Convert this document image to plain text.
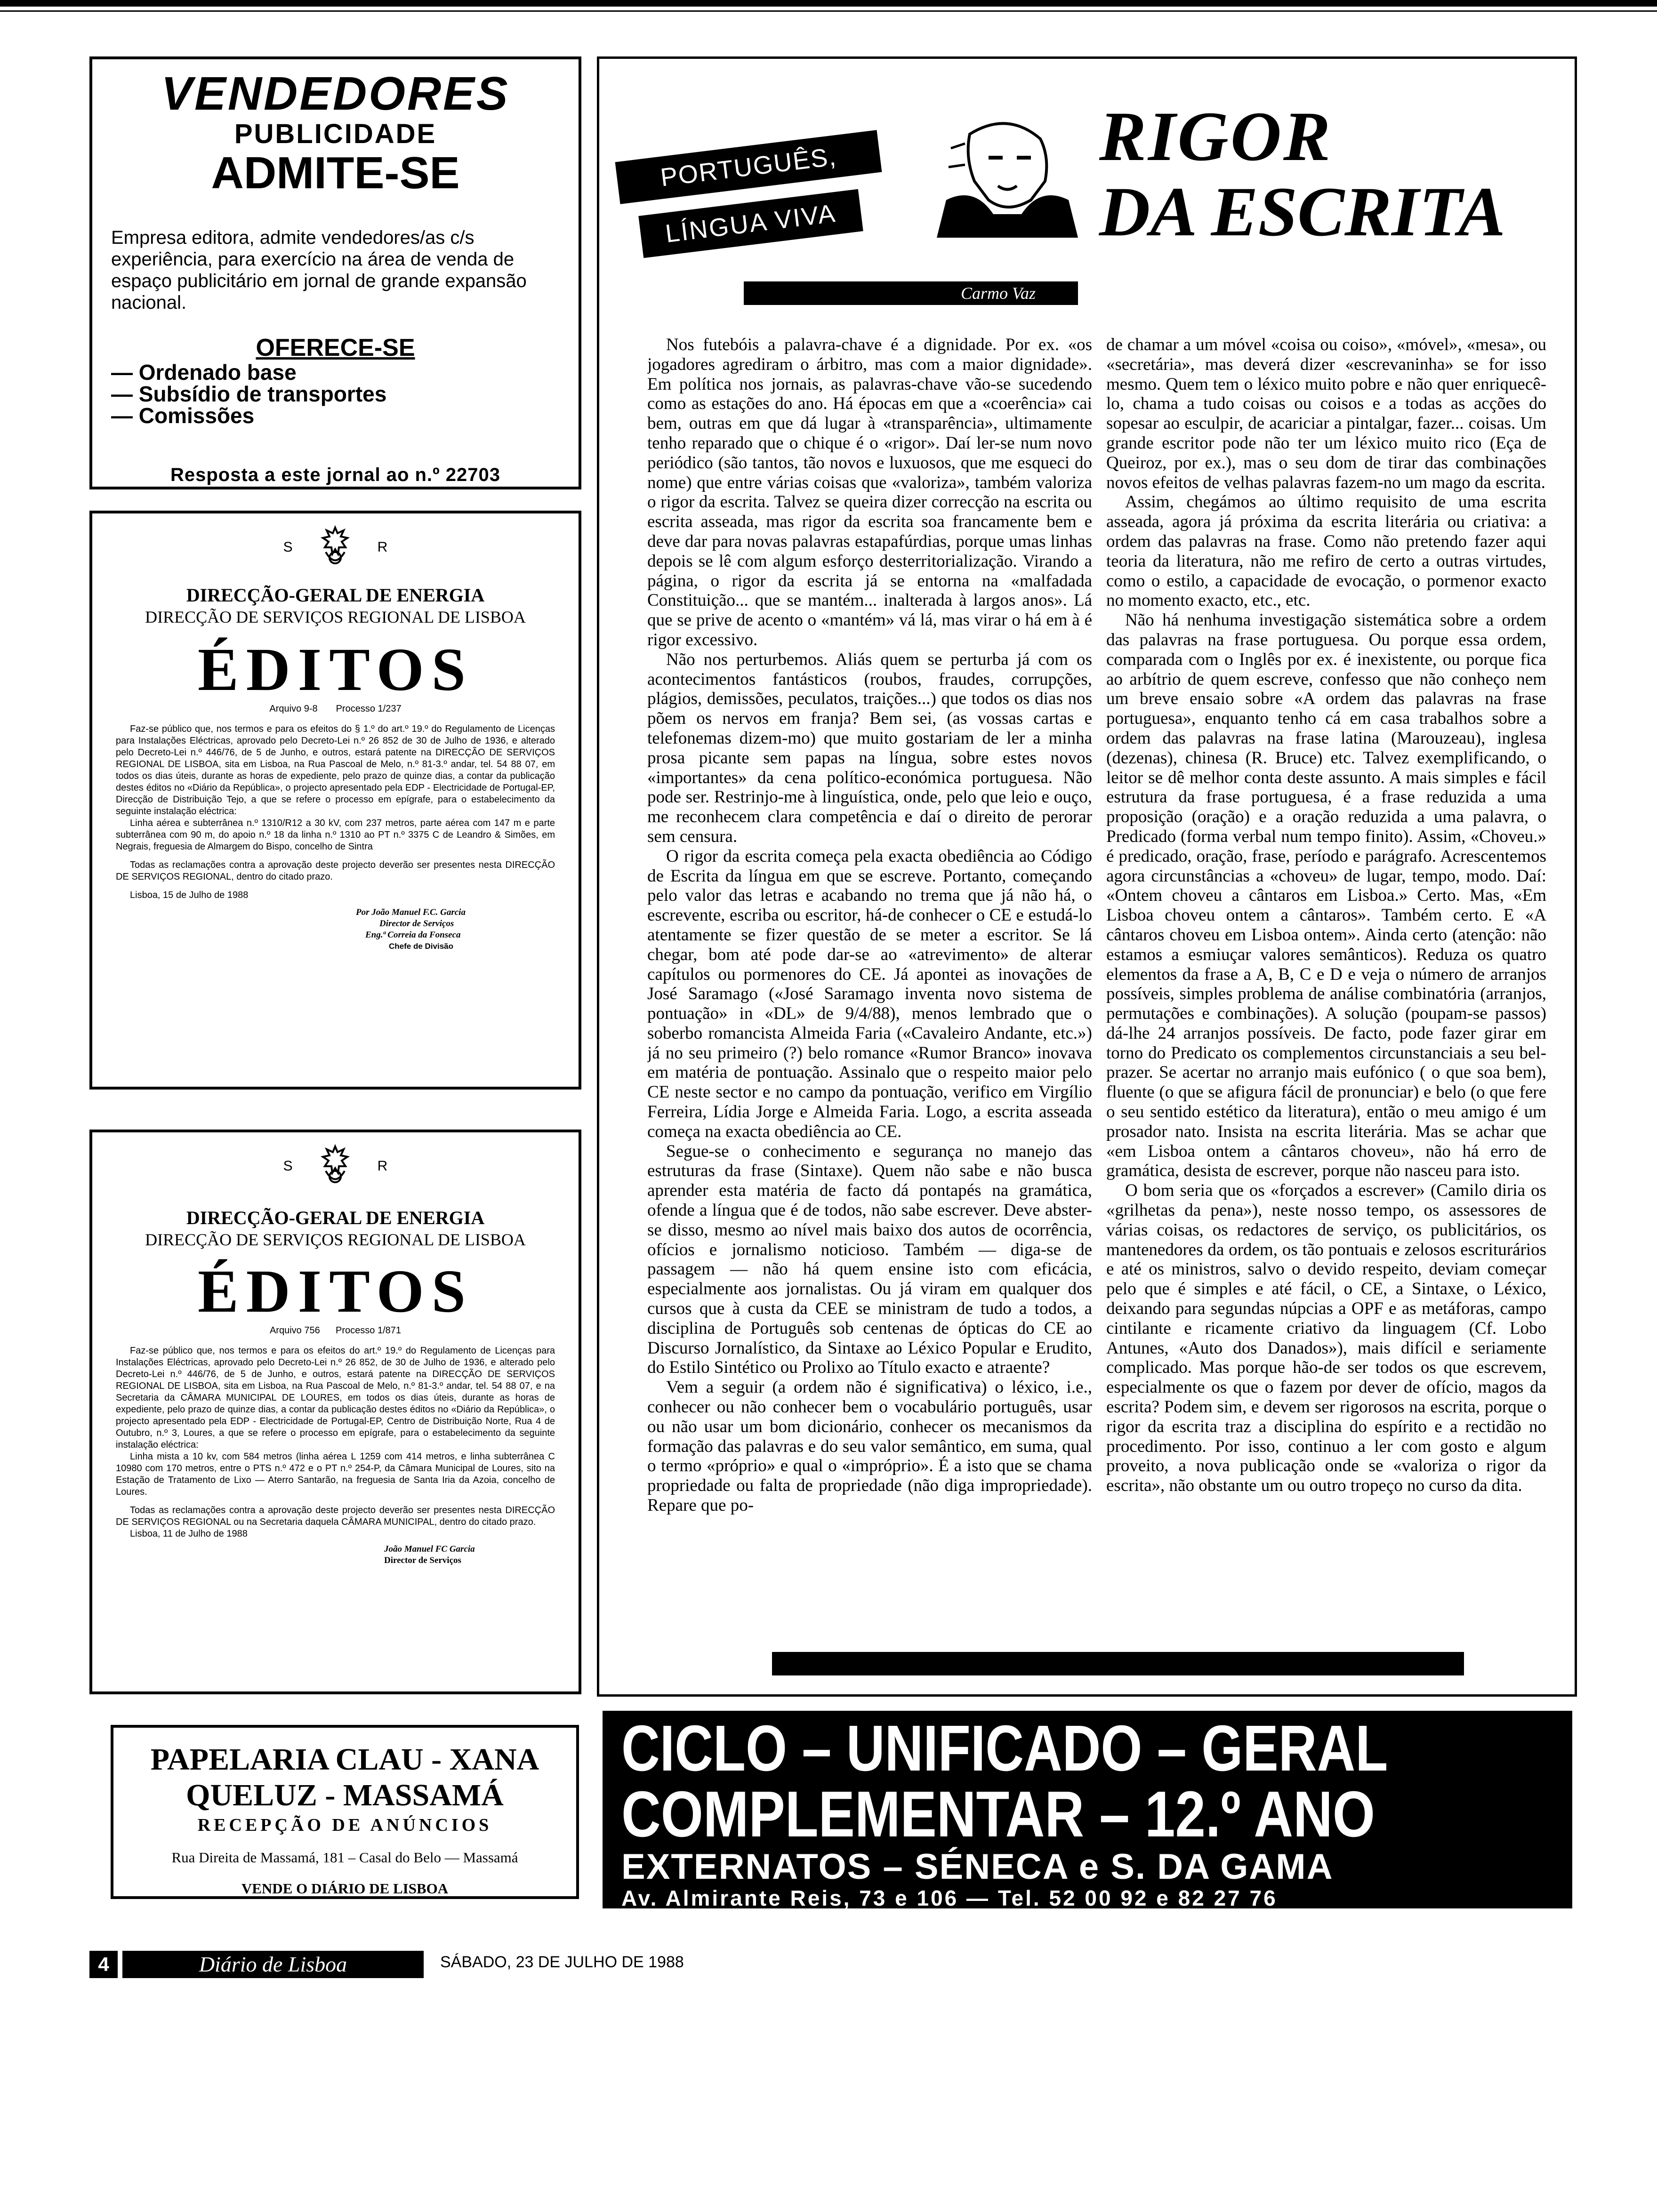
VENDEDORES
PUBLICIDADE
ADMITE-SE
Empresa editora, admite vendedores/as c/s experiência, para exercício na área de venda de espaço publicitário em jornal de grande expansão nacional.
OFERECE-SE
— Ordenado base
— Subsídio de transportes
— Comissões
Resposta a este jornal ao n.º 22703
S	R
DIRECÇÃO-GERAL DE ENERGIA
DIRECÇÃO DE SERVIÇOS REGIONAL DE LISBOA
ÉDITOS
Arquivo 9-8 Processo 1/237

Faz-se público que, nos termos e para os efeitos do § 1.º do art.º 19.º do Regulamento de Licenças para Instalações Eléctricas, aprovado pelo Decreto-Lei n.º 26 852 de 30 de Julho de 1936, e alterado pelo Decreto-Lei n.º 446/76, de 5 de Junho, e outros, estará patente na DIRECÇÃO DE SERVIÇOS REGIONAL DE LISBOA, sita em Lisboa, na Rua Pascoal de Melo, n.º 81-3.º andar, tel. 54 88 07, em todos os dias úteis, durante as horas de expediente, pelo prazo de quinze dias, a contar da publicação destes éditos no «Diário da República», o projecto apresentado pela EDP - Electricidade de Portugal-EP, Direcção de Distribuição Tejo, a que se refere o processo em epígrafe, para o estabelecimento da seguinte instalação eléctrica:

Linha aérea e subterrânea n.º 1310/R12 a 30 kV, com 237 metros, parte aérea com 147 m e parte subterrânea com 90 m, do apoio n.º 18 da linha n.º 1310 ao PT n.º 3375 C de Leandro & Simões, em Negrais, freguesia de Almargem do Bispo, concelho de Sintra

Todas as reclamações contra a aprovação deste projecto deverão ser presentes nesta DIRECÇÃO DE SERVIÇOS REGIONAL, dentro do citado prazo.

Lisboa, 15 de Julho de 1988

Por João Manuel F.C. Garcia
Director de Serviços
Eng.ª Correia da Fonseca
Chefe de Divisão
S	R
DIRECÇÃO-GERAL DE ENERGIA
DIRECÇÃO DE SERVIÇOS REGIONAL DE LISBOA
ÉDITOS
Arquivo 756 Processo 1/871

Faz-se público que, nos termos e para os efeitos do art.º 19.º do Regulamento de Licenças para Instalações Eléctricas, aprovado pelo Decreto-Lei n.º 26 852, de 30 de Julho de 1936, e alterado pelo Decreto-Lei n.º 446/76, de 5 de Junho, e outros, estará patente na DIRECÇÃO DE SERVIÇOS REGIONAL DE LISBOA, sita em Lisboa, na Rua Pascoal de Melo, n.º 81-3.º andar, tel. 54 88 07, e na Secretaria da CÂMARA MUNICIPAL DE LOURES, em todos os dias úteis, durante as horas de expediente, pelo prazo de quinze dias, a contar da publicação destes éditos no «Diário da República», o projecto apresentado pela EDP - Electricidade de Portugal-EP, Centro de Distribuição Norte, Rua 4 de Outubro, n.º 3, Loures, a que se refere o processo em epígrafe, para o estabelecimento da seguinte instalação eléctrica:

Linha mista a 10 kv, com 584 metros (linha aérea L 1259 com 414 metros, e linha subterrânea C 10980 com 170 metros, entre o PTS n.º 472 e o PT n.º 254-P, da Câmara Municipal de Loures, sito na Estação de Tratamento de Lixo — Aterro Santarão, na freguesia de Santa Iria da Azoia, concelho de Loures.

Todas as reclamações contra a aprovação deste projecto deverão ser presentes nesta DIRECÇÃO DE SERVIÇOS REGIONAL ou na Secretaria daquela CÂMARA MUNICIPAL, dentro do citado prazo.

Lisboa, 11 de Julho de 1988

João Manuel FC Garcia
Director de Serviços
PORTUGUÊS,
LÍNGUA VIVA
RIGOR
DA ESCRITA
Carmo Vaz

Nos futebóis a palavra-chave é a dignidade. Por ex. «os jogadores agrediram o árbitro, mas com a maior dignidade». Em política nos jornais, as palavras-chave vão-se sucedendo como as estações do ano. Há épocas em que a «coerência» cai bem, outras em que dá lugar à «transparência», ultimamente tenho reparado que o chique é o «rigor». Daí ler-se num novo periódico (são tantos, tão novos e luxuosos, que me esqueci do nome) que entre várias coisas que «valoriza», também valoriza o rigor da escrita. Talvez se queira dizer correcção na escrita ou escrita asseada, mas rigor da escrita soa francamente bem e deve dar para novas palavras estapafúrdias, porque umas linhas depois se lê com algum esforço desterritorialização. Virando a página, o rigor da escrita já se entorna na «malfadada Constituição... que se mantém... inalterada à largos anos». Lá que se prive de acento o «mantém» vá lá, mas virar o há em à é rigor excessivo.

Não nos perturbemos. Aliás quem se perturba já com os acontecimentos fantásticos (roubos, fraudes, corrupções, plágios, demissões, peculatos, traições...) que todos os dias nos põem os nervos em franja? Bem sei, (as vossas cartas e telefonemas dizem-mo) que muito gostariam de ler a minha prosa picante sem papas na língua, sobre estes novos «importantes» da cena político-económica portuguesa. Não pode ser. Restrinjo-me à linguística, onde, pelo que leio e ouço, me reconhecem clara competência e daí o direito de perorar sem censura.

O rigor da escrita começa pela exacta obediência ao Código de Escrita da língua em que se escreve. Portanto, começando pelo valor das letras e acabando no trema que já não há, o escrevente, escriba ou escritor, há-de conhecer o CE e estudá-lo atentamente se fizer questão de se meter a escritor. Se lá chegar, bom até pode dar-se ao «atrevimento» de alterar capítulos ou pormenores do CE. Já apontei as inovações de José Saramago («José Saramago inventa novo sistema de pontuação» in «DL» de 9/4/88), menos lembrado que o soberbo romancista Almeida Faria («Cavaleiro Andante, etc.») já no seu primeiro (?) belo romance «Rumor Branco» inovava em matéria de pontuação. Assinalo que o respeito maior pelo CE neste sector e no campo da pontuação, verifico em Virgílio Ferreira, Lídia Jorge e Almeida Faria. Logo, a escrita asseada começa na exacta obediência ao CE.

Segue-se o conhecimento e segurança no manejo das estruturas da frase (Sintaxe). Quem não sabe e não busca aprender esta matéria de facto dá pontapés na gramática, ofende a língua que é de todos, não sabe escrever. Deve abster-se disso, mesmo ao nível mais baixo dos autos de ocorrência, ofícios e jornalismo noticioso. Também — diga-se de passagem — não há quem ensine isto com eficácia, especialmente aos jornalistas. Ou já viram em qualquer dos cursos que à custa da CEE se ministram de tudo a todos, a disciplina de Português sob centenas de ópticas do CE ao Discurso Jornalístico, da Sintaxe ao Léxico Popular e Erudito, do Estilo Sintético ou Prolixo ao Título exacto e atraente?

Vem a seguir (a ordem não é significativa) o léxico, i.e., conhecer ou não conhecer bem o vocabulário português, usar ou não usar um bom dicionário, conhecer os mecanismos da formação das palavras e do seu valor semântico, em suma, qual o termo «próprio» e qual o «impróprio». É a isto que se chama propriedade ou falta de propriedade (não diga impropriedade). Repare que po-

de chamar a um móvel «coisa ou coiso», «móvel», «mesa», ou «secretária», mas deverá dizer «escrevaninha» se for isso mesmo. Quem tem o léxico muito pobre e não quer enriquecê-lo, chama a tudo coisas ou coisos e a todas as acções do sopesar ao esculpir, de acariciar a pintalgar, fazer... coisas. Um grande escritor pode não ter um léxico muito rico (Eça de Queiroz, por ex.), mas o seu dom de tirar das combinações novos efeitos de velhas palavras fazem-no um mago da escrita.

Assim, chegámos ao último requisito de uma escrita asseada, agora já próxima da escrita literária ou criativa: a ordem das palavras na frase. Como não pretendo fazer aqui teoria da literatura, não me refiro de certo a outras virtudes, como o estilo, a capacidade de evocação, o pormenor exacto no momento exacto, etc., etc.

Não há nenhuma investigação sistemática sobre a ordem das palavras na frase portuguesa. Ou porque essa ordem, comparada com o Inglês por ex. é inexistente, ou porque fica ao arbítrio de quem escreve, confesso que não conheço nem um breve ensaio sobre «A ordem das palavras na frase portuguesa», enquanto tenho cá em casa trabalhos sobre a ordem das palavras na frase latina (Marouzeau), inglesa (dezenas), chinesa (R. Bruce) etc. Talvez exemplificando, o leitor se dê melhor conta deste assunto. A mais simples e fácil estrutura da frase portuguesa, é a frase reduzida a uma proposição (oração) e a oração reduzida a uma palavra, o Predicado (forma verbal num tempo finito). Assim, «Choveu.» é predicado, oração, frase, período e parágrafo. Acrescentemos agora circunstâncias a «choveu» de lugar, tempo, modo. Daí: «Ontem choveu a cântaros em Lisboa.» Certo. Mas, «Em Lisboa choveu ontem a cântaros». Também certo. E «A cântaros choveu em Lisboa ontem». Ainda certo (atenção: não estamos a esmiuçar valores semânticos). Reduza os quatro elementos da frase a A, B, C e D e veja o número de arranjos possíveis, simples problema de análise combinatória (arranjos, permutações e combinações). A solução (poupam-se passos) dá-lhe 24 arranjos possíveis. De facto, pode fazer girar em torno do Predicato os complementos circunstanciais a seu bel-prazer. Se acertar no arranjo mais eufónico ( o que soa bem), fluente (o que se afigura fácil de pronunciar) e belo (o que fere o seu sentido estético da literatura), então o meu amigo é um prosador nato. Insista na escrita literária. Mas se achar que «em Lisboa ontem a cântaros choveu», não há erro de gramática, desista de escrever, porque não nasceu para isto.

O bom seria que os «forçados a escrever» (Camilo diria os «grilhetas da pena»), neste nosso tempo, os assessores de várias coisas, os redactores de serviço, os publicitários, os mantenedores da ordem, os tão pontuais e zelosos escriturários e até os ministros, salvo o devido respeito, deviam começar pelo que é simples e até fácil, o CE, a Sintaxe, o Léxico, deixando para segundas núpcias a OPF e as metáforas, campo cintilante e ricamente criativo da linguagem (Cf. Lobo Antunes, «Auto dos Danados»), mais difícil e seriamente complicado. Mas porque hão-de ser todos os que escrevem, especialmente os que o fazem por dever de ofício, magos da escrita? Podem sim, e devem ser rigorosos na escrita, porque o rigor da escrita traz a disciplina do espírito e a rectidão no procedimento. Por isso, continuo a ler com gosto e algum proveito, a nova publicação onde se «valoriza o rigor da escrita», não obstante um ou outro tropeço no curso da dita.

PAPELARIA CLAU - XANA
QUELUZ - MASSAMÁ
RECEPÇÃO DE ANÚNCIOS
Rua Direita de Massamá, 181 – Casal do Belo — Massamá
VENDE O DIÁRIO DE LISBOA
CICLO – UNIFICADO – GERAL
COMPLEMENTAR – 12.º ANO
EXTERNATOS – SÉNECA e S. DA GAMA
Av. Almirante Reis, 73 e 106 — Tel. 52 00 92 e 82 27 76
4	Diário de Lisboa	SÁBADO, 23 DE JULHO DE 1988
